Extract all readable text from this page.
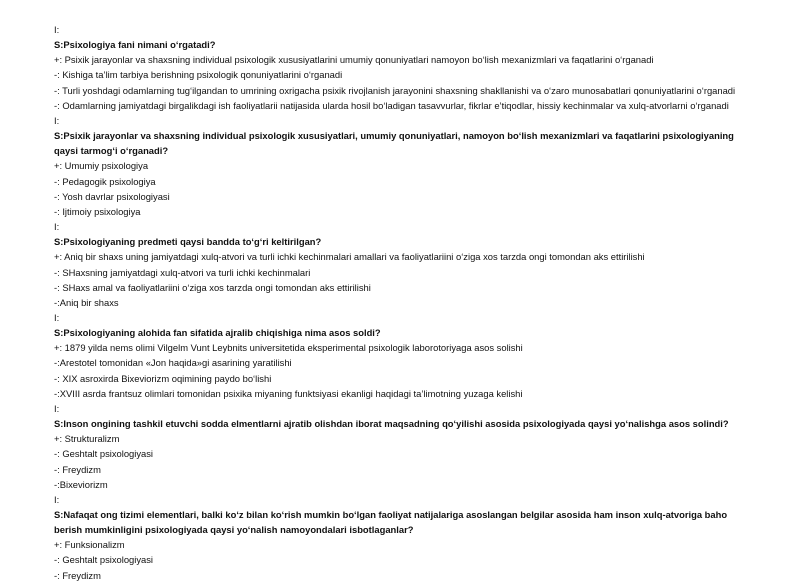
I:
S:Psixologiya fani nimani o‘rgatadi?
+: Psixik jarayonlar va shaxsning individual psixologik xususiyatlarini umumiy qonuniyatlari namoyon bo‘lish mexanizmlari va faqatlarini o‘rganadi
-: Kishiga ta’lim tarbiya berishning psixologik qonuniyatlarini o‘rganadi
-: Turli yoshdagi odamlarning tug‘ilgandan to umrining oxrigacha psixik rivojlanish jarayonini shaxsning shakllanishi va o‘zaro munosabatlari qonuniyatlarini o‘rganadi
-: Odamlarning jamiyatdagi birgalikdagi ish faoliyatlarii natijasida ularda hosil bo‘ladigan tasavvurlar, fikrlar e’tiqodlar, hissiy kechinmalar va xulq-atvorlarni o‘rganadi
I:
S:Psixik jarayonlar va shaxsning individual psixologik xususiyatlari, umumiy qonuniyatlari, namoyon bo‘lish mexanizmlari va faqatlarini psixologiyaning qaysi tarmog‘i o‘rganadi?
+: Umumiy psixologiya
-: Pedagogik psixologiya
-: Yosh davrlar psixologiyasi
-: Ijtimoiy psixologiya
I:
S:Psixologiyaning predmeti qaysi bandda to‘g‘ri keltirilgan?
+: Aniq bir shaxs uning jamiyatdagi xulq-atvori va turli ichki kechinmalari amallari va faoliyatlariini o‘ziga xos tarzda ongi tomondan aks ettirilishi
-: SHaxsning jamiyatdagi xulq-atvori va turli ichki kechinmalari
-: SHaxs amal va faoliyatlariini o‘ziga xos tarzda ongi tomondan aks ettirilishi
-:Aniq bir shaxs
I:
S:Psixologiyaning alohida fan sifatida ajralib chiqishiga nima asos soldi?
+: 1879 yilda nems olimi Vilgelm Vunt Leybnits universitetida eksperimental psixologik laborotoriyaga asos solishi
-:Arestotel tomonidan «Jon haqida»gi asarining yaratilishi
-: XIX asroxirda Bixeviorizm oqimining paydo bo‘lishi
-:XVIII asrda frantsuz olimlari tomonidan psixika miyaning funktsiyasi ekanligi haqidagi ta’limotning yuzaga kelishi
I:
S:Inson ongining tashkil etuvchi sodda elmentlarni ajratib olishdan iborat maqsadning qo‘yilishi asosida psixologiyada qaysi yo‘nalishga asos solindi?
+: Strukturalizm
-: Geshtalt psixologiyasi
-: Freydizm
-:Bixeviorizm
I:
S:Nafaqat ong tizimi elementlari, balki ko‘z bilan ko‘rish mumkin bo‘lgan faoliyat natijalariga asoslangan belgilar asosida ham inson xulq-atvoriga baho berish mumkinligini psixologiyada qaysi yo‘nalish namoyondalari isbotlaganlar?
+: Funksionalizm
-: Geshtalt psixologiyasi
-: Freydizm
